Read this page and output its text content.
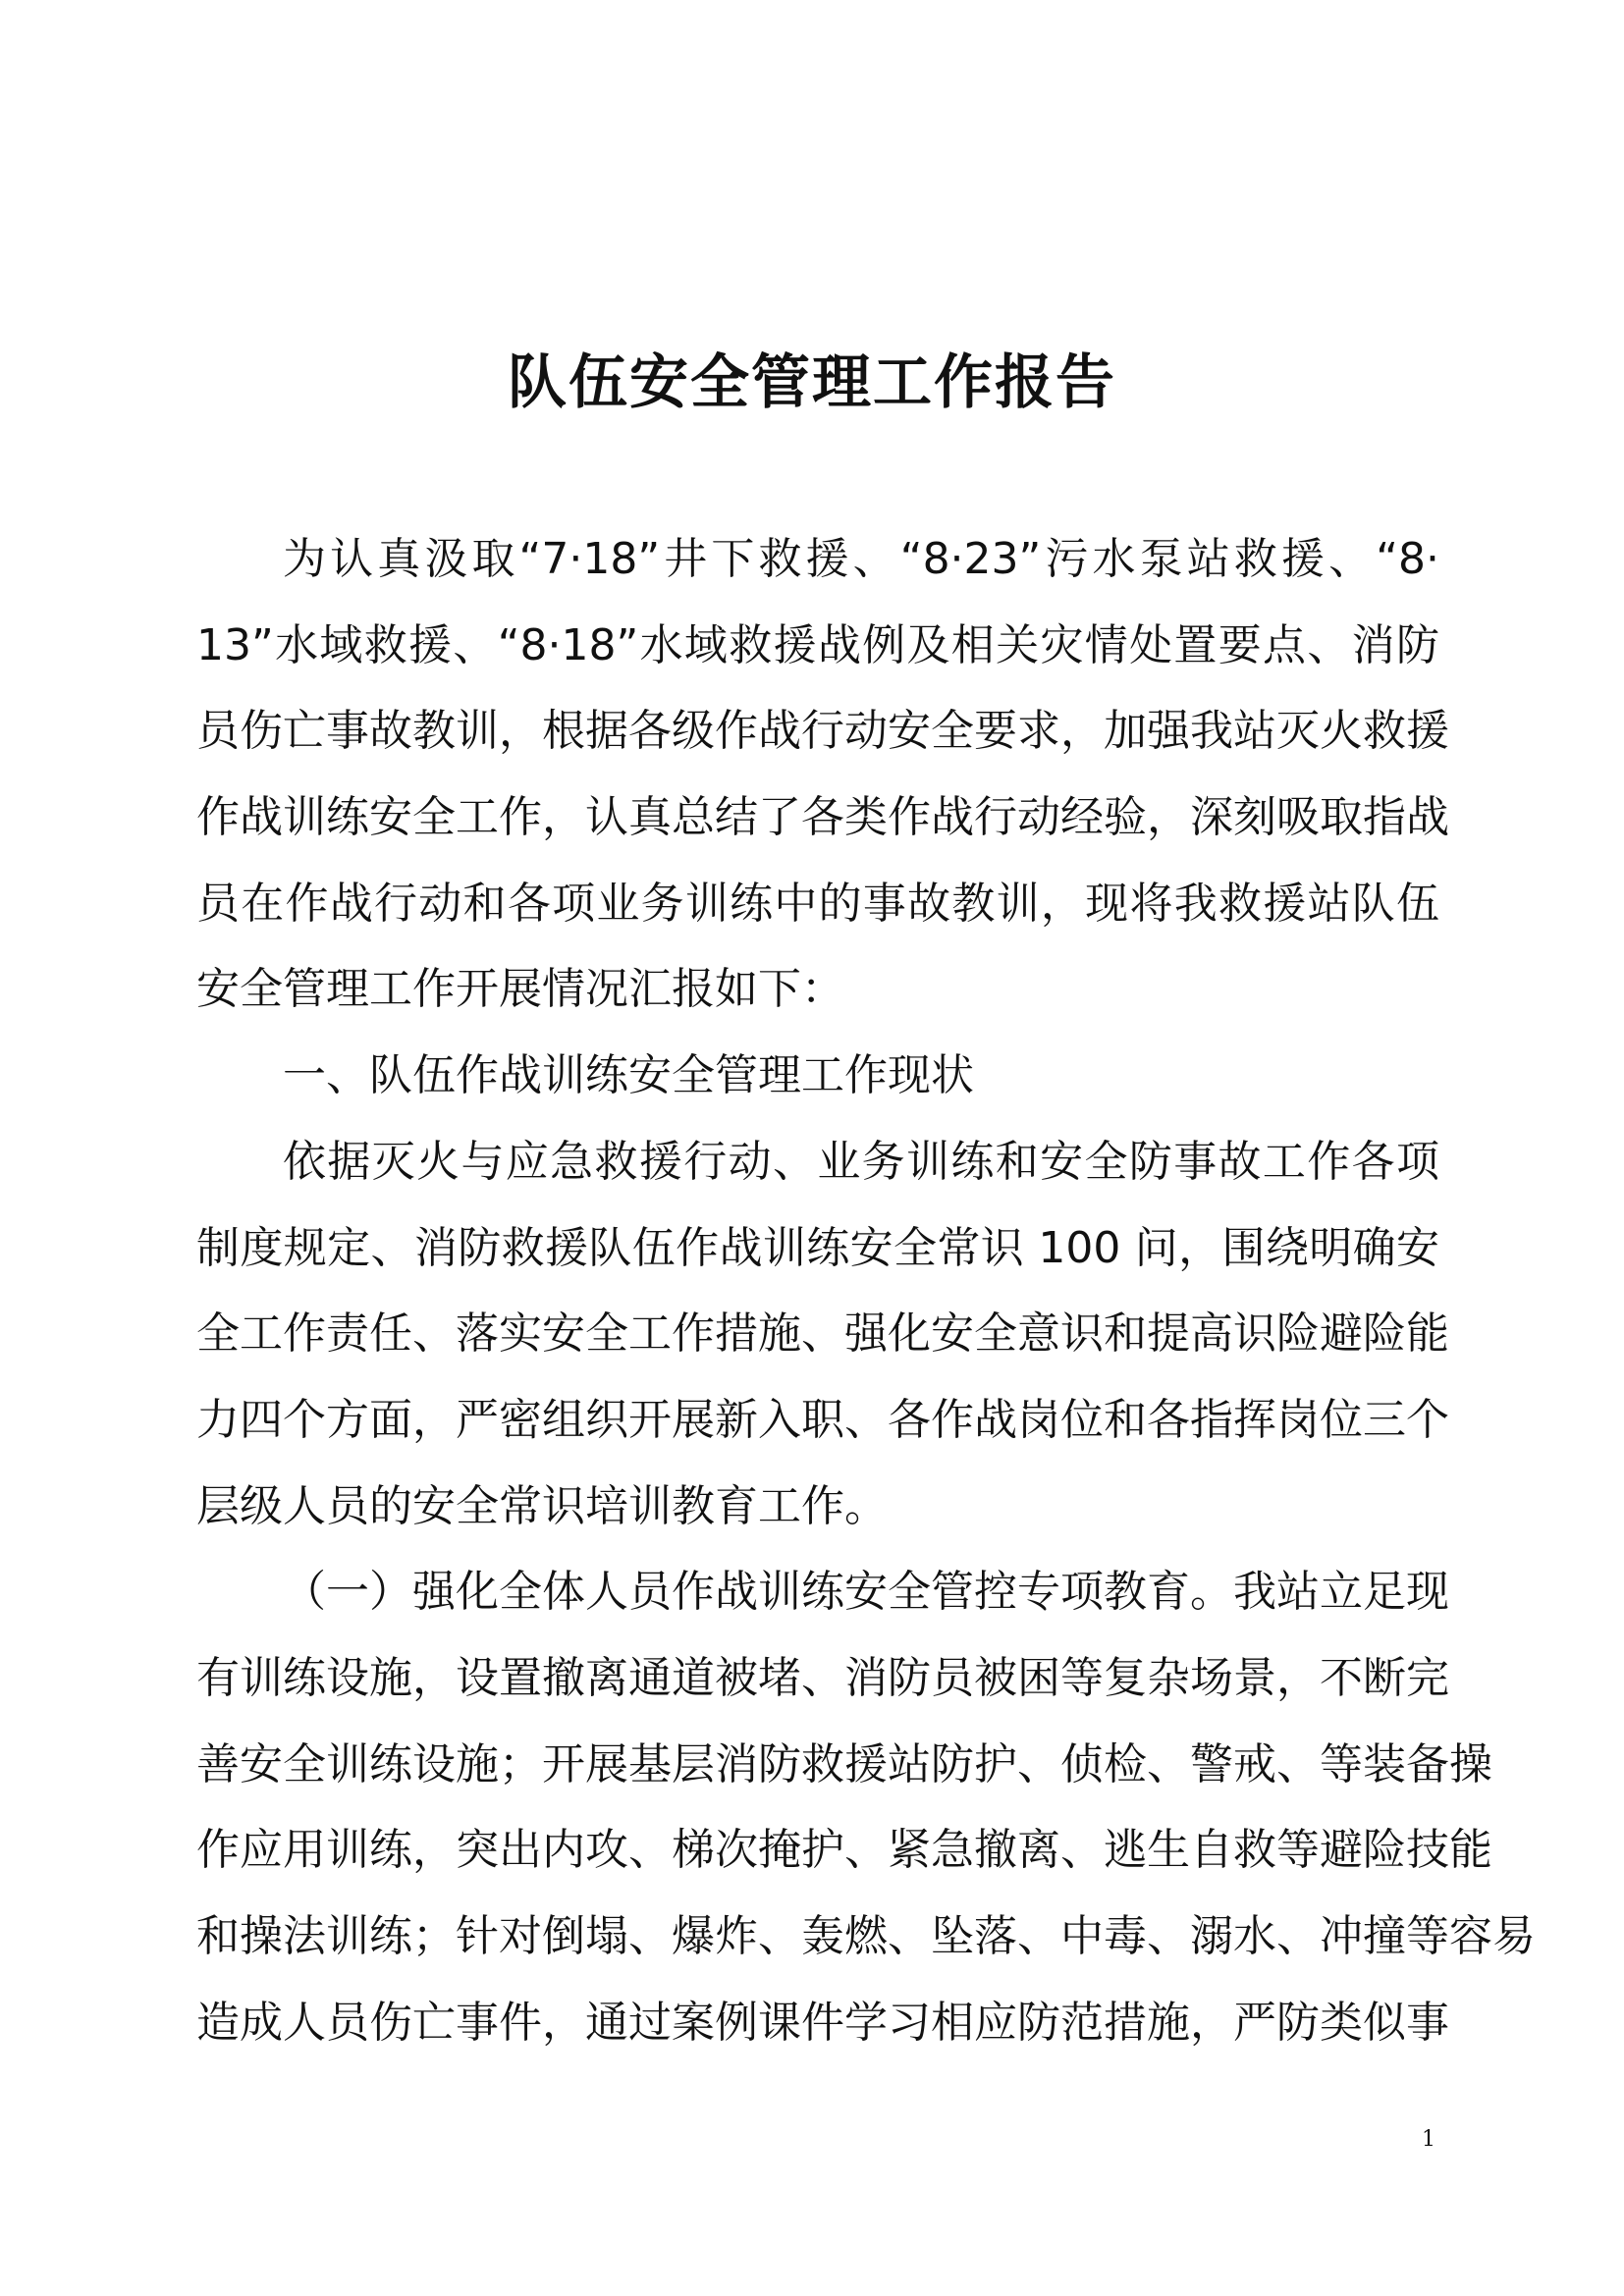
队伍安全管理工作报告
为认真汲取“7·18”井下救援、“8·23”污水泵站救援、“8·
13”水域救援、“8·18”水域救援战例及相关灾情处置要点、消防
员伤亡事故教训，根据各级作战行动安全要求，加强我站灭火救援
作战训练安全工作，认真总结了各类作战行动经验，深刻吸取指战
员在作战行动和各项业务训练中的事故教训，现将我救援站队伍
安全管理工作开展情况汇报如下：
一、队伍作战训练安全管理工作现状
依据灭火与应急救援行动、业务训练和安全防事故工作各项
制度规定、消防救援队伍作战训练安全常识 100 问，围绕明确安
全工作责任、落实安全工作措施、强化安全意识和提高识险避险能
力四个方面，严密组织开展新入职、各作战岗位和各指挥岗位三个
层级人员的安全常识培训教育工作。
（一）强化全体人员作战训练安全管控专项教育。我站立足现
有训练设施，设置撤离通道被堵、消防员被困等复杂场景，不断完
善安全训练设施；开展基层消防救援站防护、侦检、警戒、等装备操
作应用训练，突出内攻、梯次掩护、紧急撤离、逃生自救等避险技能
和操法训练；针对倒塌、爆炸、轰燃、坠落、中毒、溺水、冲撞等容易
造成人员伤亡事件，通过案例课件学习相应防范措施，严防类似事
1
